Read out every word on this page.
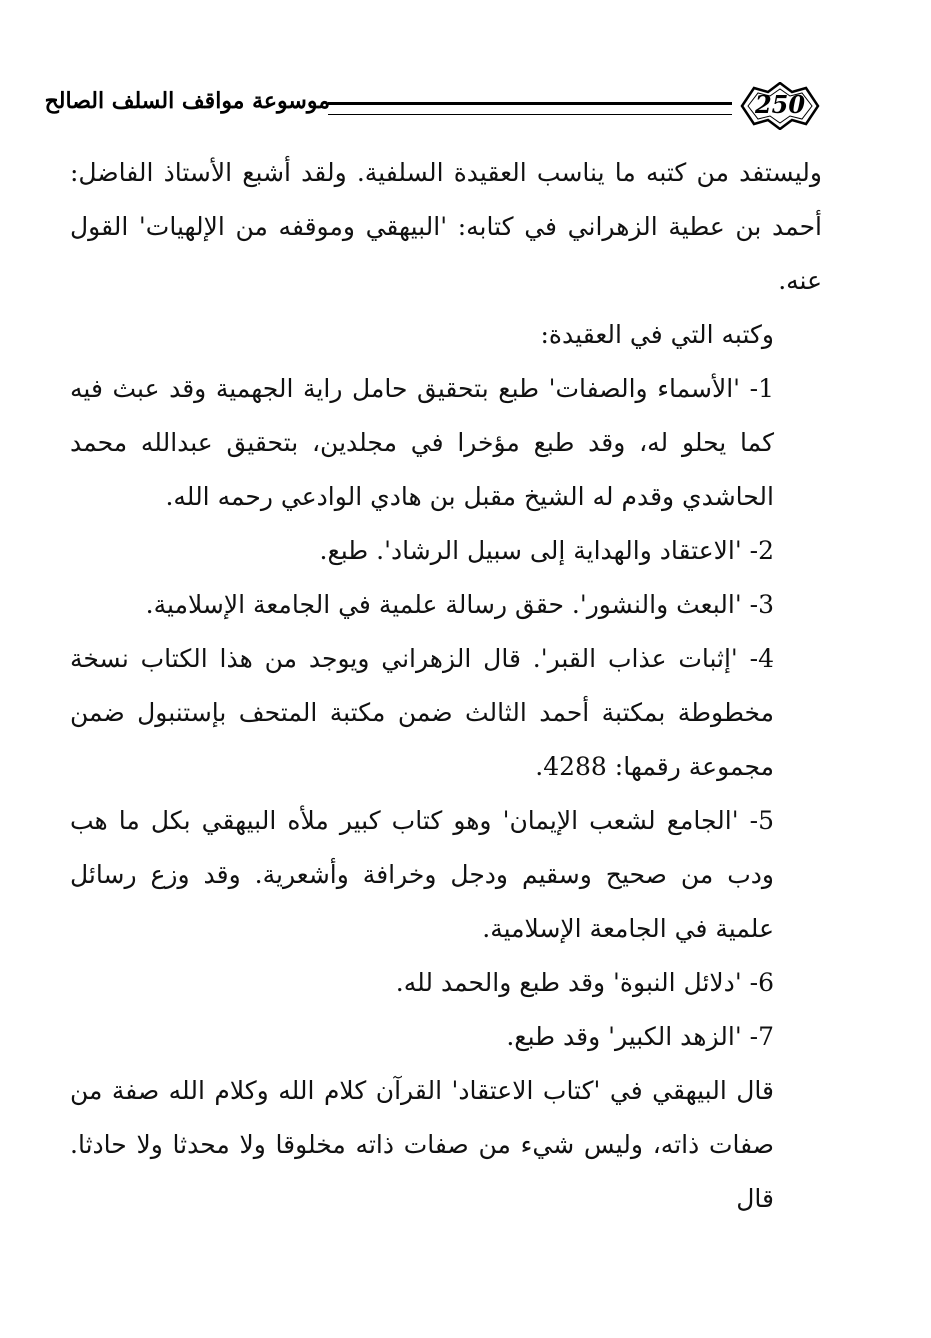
موسوعة مواقف السلف الصالح	250

وليستفد من كتبه ما يناسب العقيدة السلفية. ولقد أشبع الأستاذ الفاضل: أحمد بن عطية الزهراني في كتابه: 'البيهقي وموقفه من الإلهيات' القول عنه.

وكتبه التي في العقيدة:

1- 'الأسماء والصفات' طبع بتحقيق حامل راية الجهمية وقد عبث فيه كما يحلو له، وقد طبع مؤخرا في مجلدين، بتحقيق عبدالله محمد الحاشدي وقدم له الشيخ مقبل بن هادي الوادعي رحمه الله.

2- 'الاعتقاد والهداية إلى سبيل الرشاد'. طبع.

3- 'البعث والنشور'. حقق رسالة علمية في الجامعة الإسلامية.

4- 'إثبات عذاب القبر'. قال الزهراني ويوجد من هذا الكتاب نسخة مخطوطة بمكتبة أحمد الثالث ضمن مكتبة المتحف بإستنبول ضمن مجموعة رقمها: 4288.

5- 'الجامع لشعب الإيمان' وهو كتاب كبير ملأه البيهقي بكل ما هب ودب من صحيح وسقيم ودجل وخرافة وأشعرية. وقد وزع رسائل علمية في الجامعة الإسلامية.

6- 'دلائل النبوة' وقد طبع والحمد لله.

7- 'الزهد الكبير' وقد طبع.

قال البيهقي في 'كتاب الاعتقاد' القرآن كلام الله وكلام الله صفة من صفات ذاته، وليس شيء من صفات ذاته مخلوقا ولا محدثا ولا حادثا. قال
